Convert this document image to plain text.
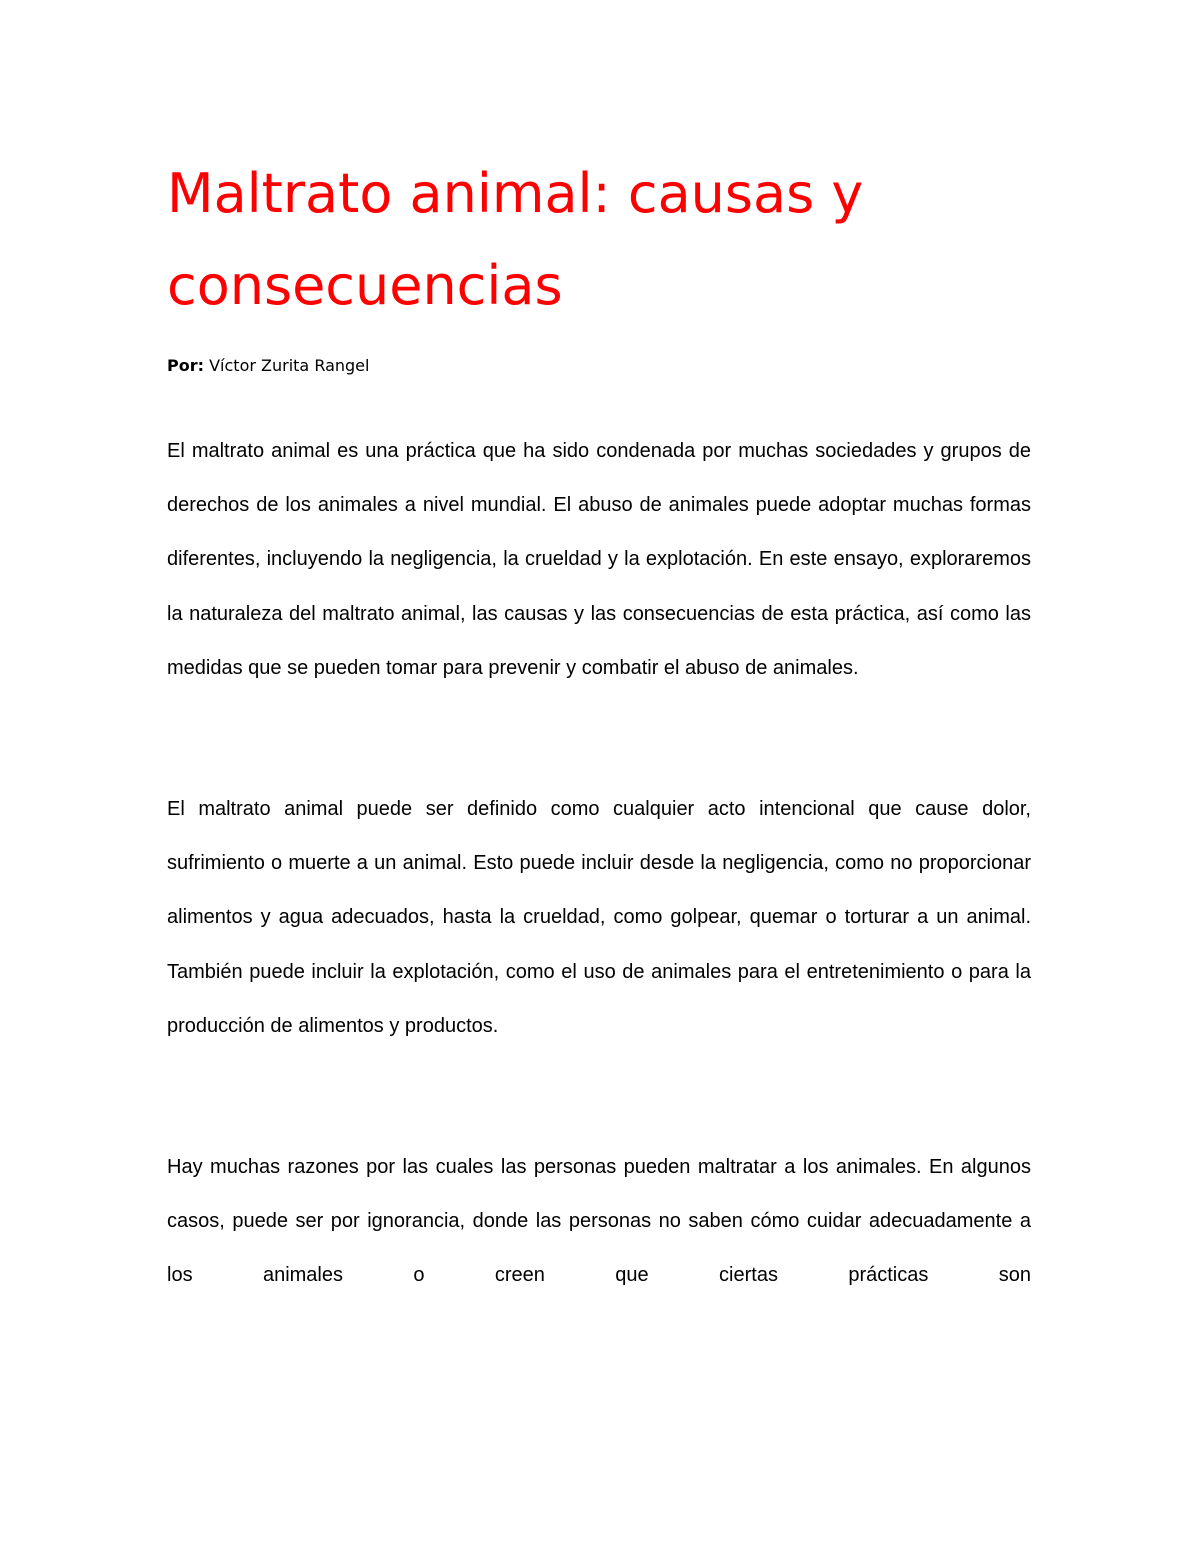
Maltrato animal: causas y consecuencias

Por: Víctor Zurita Rangel

El maltrato animal es una práctica que ha sido condenada por muchas sociedades y grupos de derechos de los animales a nivel mundial. El abuso de animales puede adoptar muchas formas diferentes, incluyendo la negligencia, la crueldad y la explotación. En este ensayo, exploraremos la naturaleza del maltrato animal, las causas y las consecuencias de esta práctica, así como las medidas que se pueden tomar para prevenir y combatir el abuso de animales.

El maltrato animal puede ser definido como cualquier acto intencional que cause dolor, sufrimiento o muerte a un animal. Esto puede incluir desde la negligencia, como no proporcionar alimentos y agua adecuados, hasta la crueldad, como golpear, quemar o torturar a un animal. También puede incluir la explotación, como el uso de animales para el entretenimiento o para la producción de alimentos y productos.

Hay muchas razones por las cuales las personas pueden maltratar a los animales. En algunos casos, puede ser por ignorancia, donde las personas no saben cómo cuidar adecuadamente a los animales o creen que ciertas prácticas son
